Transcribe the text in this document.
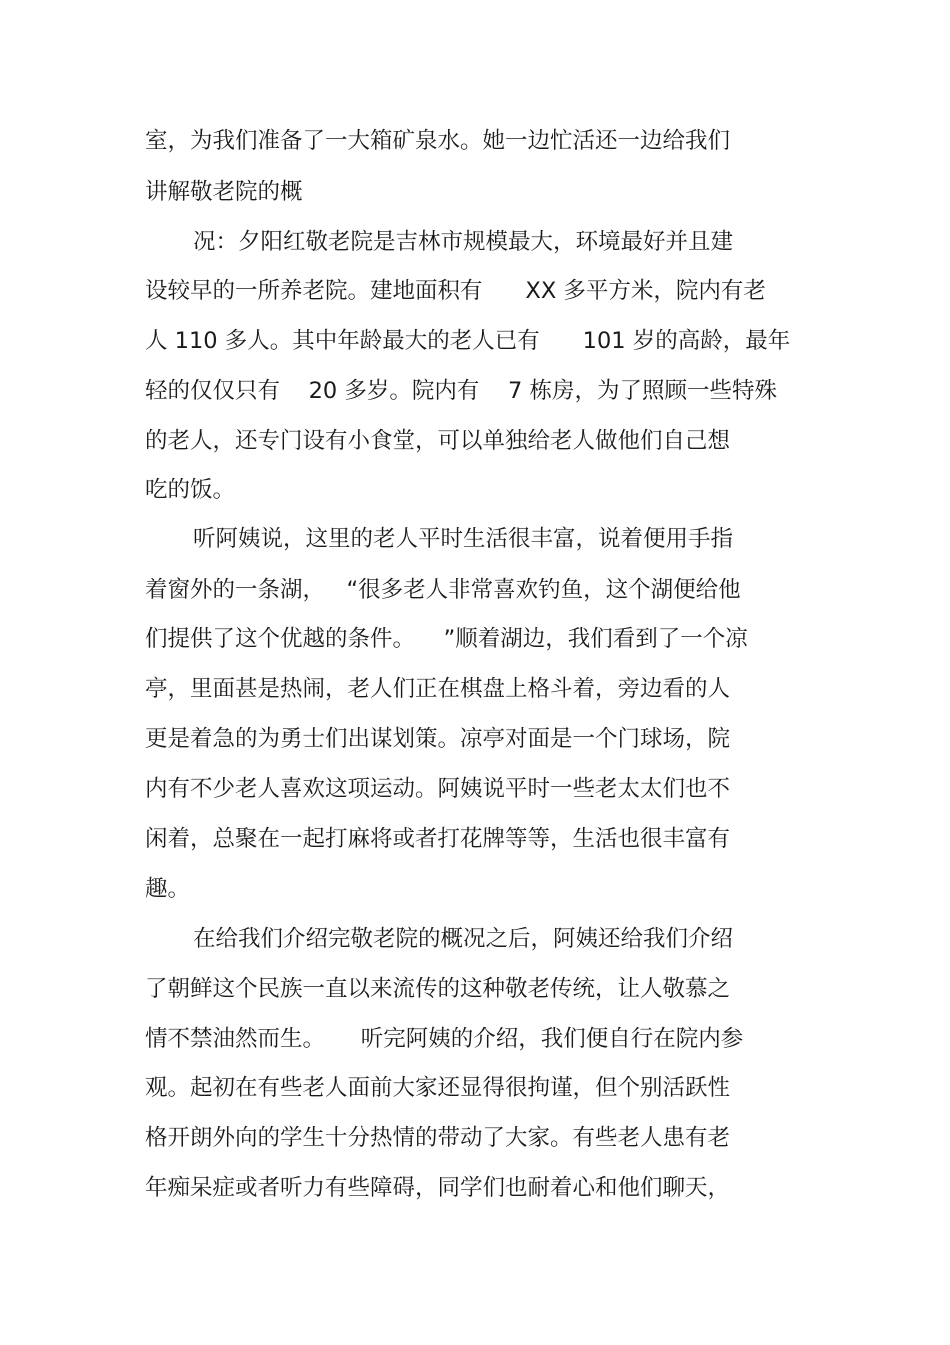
室，为我们准备了一大箱矿泉水。她一边忙活还一边给我们
讲解敬老院的概
况：夕阳红敬老院是吉林市规模最大，环境最好并且建
设较早的一所养老院。建地面积有      XX 多平方米，院内有老
人 110 多人。其中年龄最大的老人已有      101 岁的高龄，最年
轻的仅仅只有    20 多岁。院内有    7 栋房，为了照顾一些特殊
的老人，还专门设有小食堂，可以单独给老人做他们自己想
吃的饭。
听阿姨说，这里的老人平时生活很丰富，说着便用手指
着窗外的一条湖，   “很多老人非常喜欢钓鱼，这个湖便给他
们提供了这个优越的条件。    ”顺着湖边，我们看到了一个凉
亭，里面甚是热闹，老人们正在棋盘上格斗着，旁边看的人
更是着急的为勇士们出谋划策。凉亭对面是一个门球场，院
内有不少老人喜欢这项运动。阿姨说平时一些老太太们也不
闲着，总聚在一起打麻将或者打花牌等等，生活也很丰富有
趣。
在给我们介绍完敬老院的概况之后，阿姨还给我们介绍
了朝鲜这个民族一直以来流传的这种敬老传统，让人敬慕之
情不禁油然而生。     听完阿姨的介绍，我们便自行在院内参
观。起初在有些老人面前大家还显得很拘谨，但个别活跃性
格开朗外向的学生十分热情的带动了大家。有些老人患有老
年痴呆症或者听力有些障碍，同学们也耐着心和他们聊天，
